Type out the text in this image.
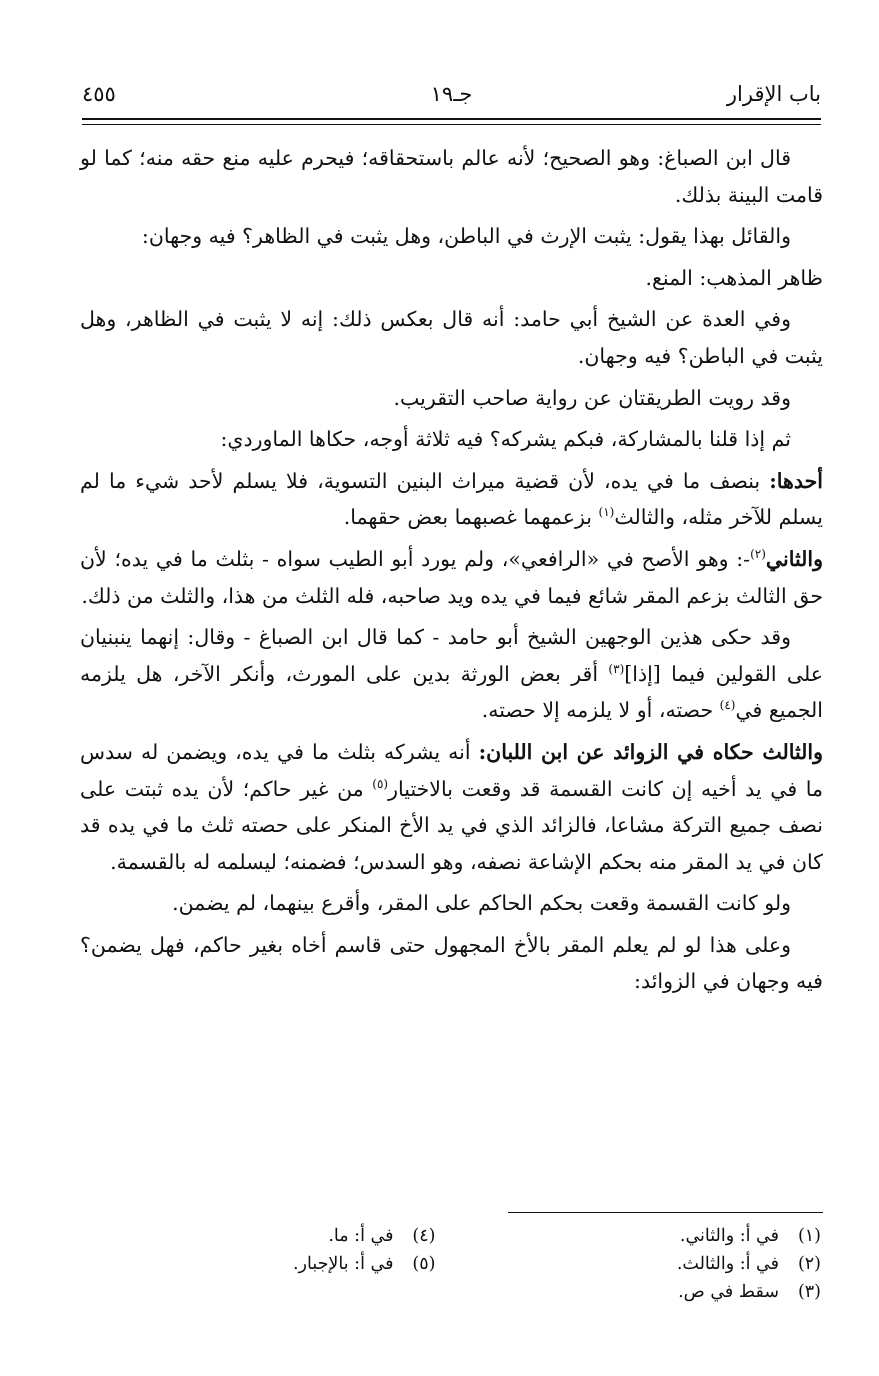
باب الإقرار
جـ١٩
٤٥٥

قال ابن الصباغ: وهو الصحيح؛ لأنه عالم باستحقاقه؛ فيحرم عليه منع حقه منه؛ كما لو قامت البينة بذلك.

والقائل بهذا يقول: يثبت الإرث في الباطن، وهل يثبت في الظاهر؟ فيه وجهان:

ظاهر المذهب: المنع.

وفي العدة عن الشيخ أبي حامد: أنه قال بعكس ذلك: إنه لا يثبت في الظاهر، وهل يثبت في الباطن؟ فيه وجهان.

وقد رويت الطريقتان عن رواية صاحب التقريب.

ثم إذا قلنا بالمشاركة، فبكم يشركه؟ فيه ثلاثة أوجه، حكاها الماوردي:

أحدها: بنصف ما في يده، لأن قضية ميراث البنين التسوية، فلا يسلم لأحد شيء ما لم يسلم للآخر مثله، والثالث$^{(١)}$ بزعمهما غصبهما بعض حقهما.

والثاني$^{(٢)}$-: وهو الأصح في «الرافعي»، ولم يورد أبو الطيب سواه - بثلث ما في يده؛ لأن حق الثالث بزعم المقر شائع فيما في يده ويد صاحبه، فله الثلث من هذا، والثلث من ذلك.

وقد حكى هذين الوجهين الشيخ أبو حامد - كما قال ابن الصباغ - وقال: إنهما ينبنيان على القولين فيما [إذا]$^{(٣)}$ أقر بعض الورثة بدين على المورث، وأنكر الآخر، هل يلزمه الجميع في$^{(٤)}$ حصته، أو لا يلزمه إلا حصته.

والثالث حكاه في الزوائد عن ابن اللبان: أنه يشركه بثلث ما في يده، ويضمن له سدس ما في يد أخيه إن كانت القسمة قد وقعت بالاختيار$^{(٥)}$ من غير حاكم؛ لأن يده ثبتت على نصف جميع التركة مشاعا، فالزائد الذي في يد الأخ المنكر على حصته ثلث ما في يده قد كان في يد المقر منه بحكم الإشاعة نصفه، وهو السدس؛ فضمنه؛ ليسلمه له بالقسمة.

ولو كانت القسمة وقعت بحكم الحاكم على المقر، وأقرع بينهما، لم يضمن.

وعلى هذا لو لم يعلم المقر بالأخ المجهول حتى قاسم أخاه بغير حاكم، فهل يضمن؟ فيه وجهان في الزوائد:

(١)في أ: والثاني.
(٢)في أ: والثالث.
(٣)سقط في ص.
(٤)في أ: ما.
(٥)في أ: بالإجبار.
